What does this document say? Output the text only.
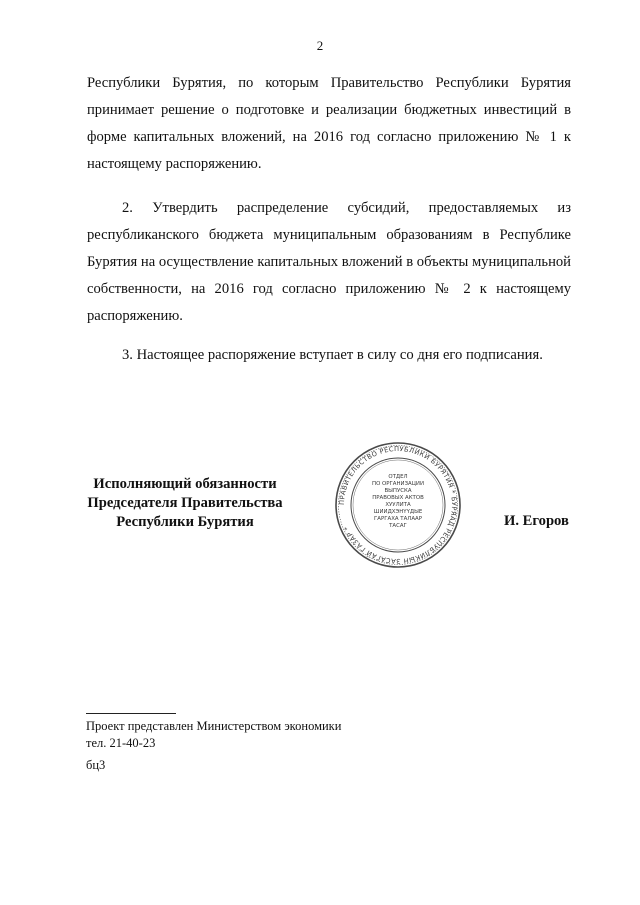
2

Республики Бурятия, по которым Правительство Республики Бурятия принимает решение о подготовке и реализации бюджетных инвестиций в форме капитальных вложений, на 2016 год согласно приложению № 1 к настоящему распоряжению.

2. Утвердить распределение субсидий, предоставляемых из республиканского бюджета муниципальным образованиям в Республике Бурятия на осуществление капитальных вложений в объекты муниципальной собственности, на 2016 год согласно приложению № 2 к настоящему распоряжению.

3. Настоящее распоряжение вступает в силу со дня его подписания.

Исполняющий обязанности
Председателя Правительства
Республики Бурятия
ПРАВИТЕЛЬСТВО РЕСПУБЛИКИ БУРЯТИЯ * БУРЯАД РЕСПУБЛИКЫН ЗАСАГАЙ ГАЗАР *
ОТДЕЛ
ПО ОРГАНИЗАЦИИ
ВЫПУСКА
ПРАВОВЫХ АКТОВ
ХУУЛИТА
ШИИДХЭНҮҮДЫЕ
ГАРГАХА ТАЛААР
ТАСАГ	И. Егоров
Проект представлен Министерством экономики
тел. 21-40-23
бц3
